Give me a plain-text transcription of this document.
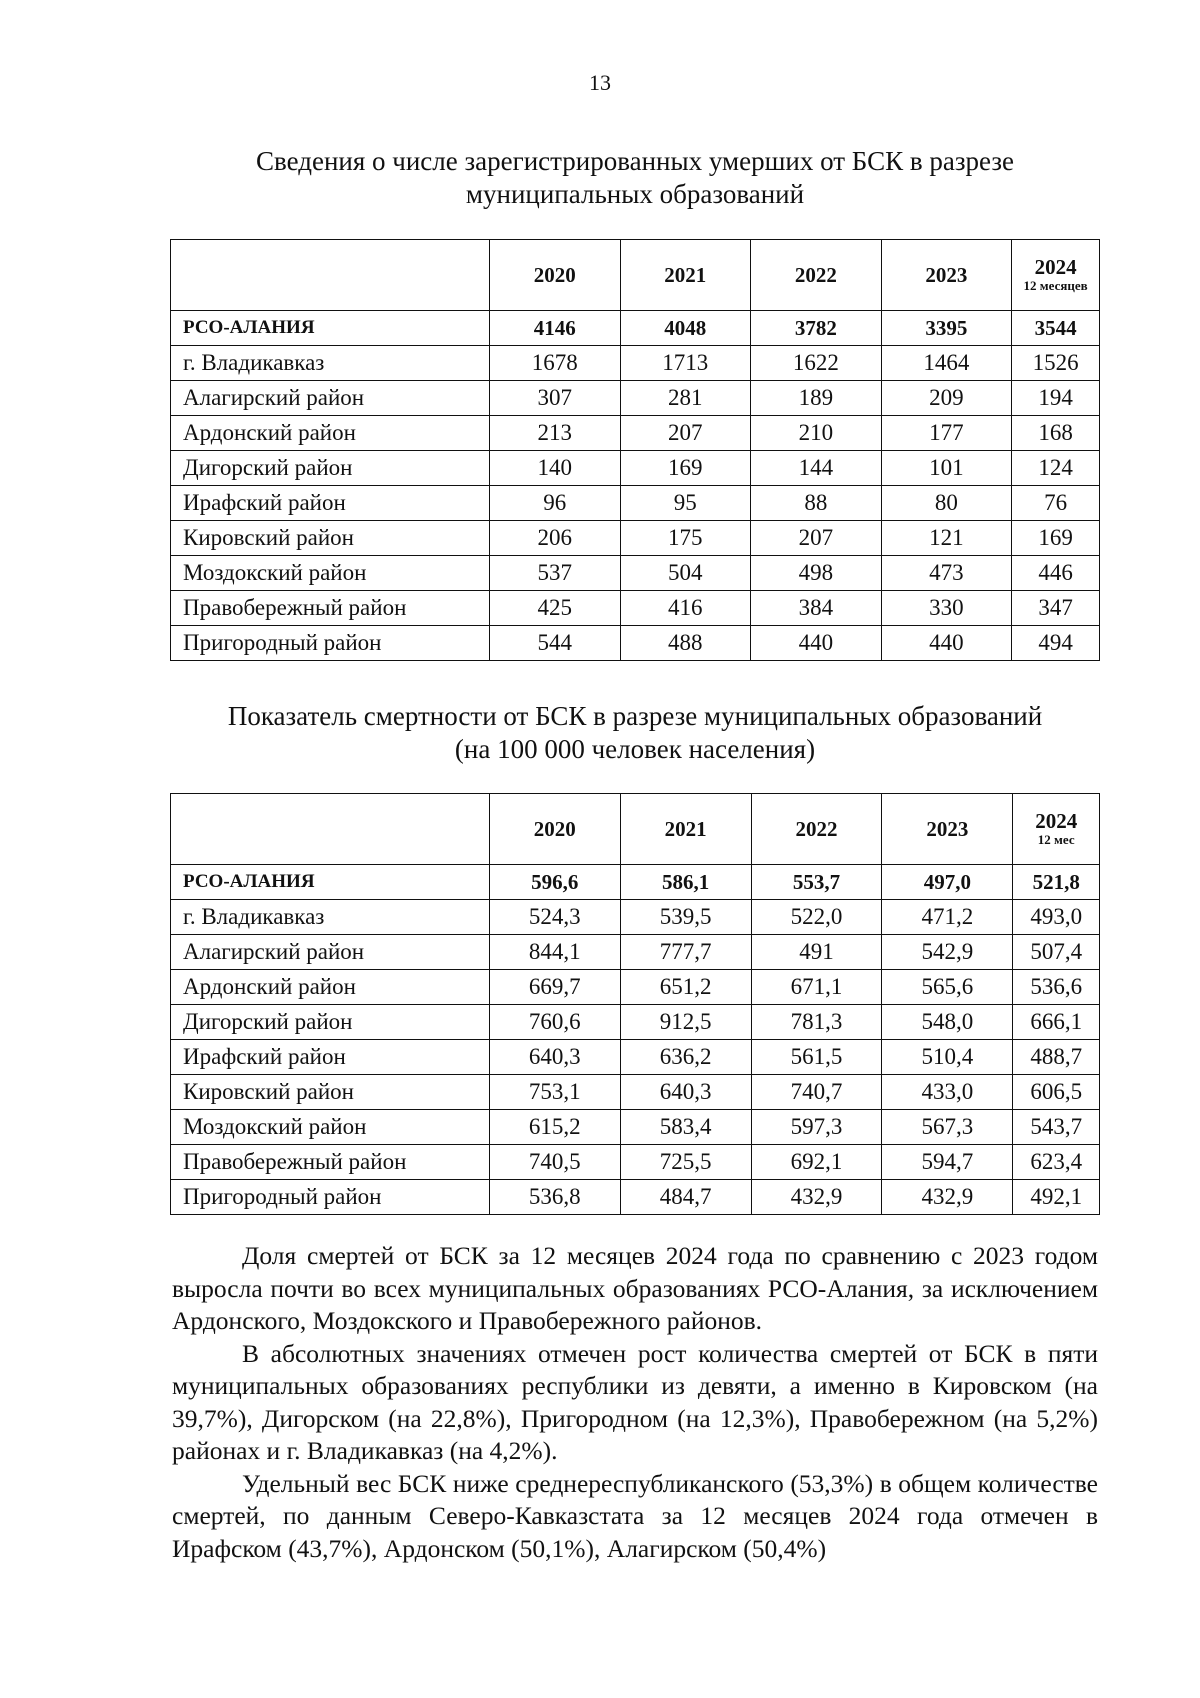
13
Сведения о числе зарегистрированных умерших от БСК в разрезе
муниципальных образований
	2020	2021	2022	2023	2024
12 месяцев

РСО-АЛАНИЯ	4146	4048	3782	3395	3544
г. Владикавказ	1678	1713	1622	1464	1526
Алагирский район	307	281	189	209	194
Ардонский район	213	207	210	177	168
Дигорский район	140	169	144	101	124
Ирафский район	96	95	88	80	76
Кировский район	206	175	207	121	169
Моздокский район	537	504	498	473	446
Правобережный район	425	416	384	330	347
Пригородный район	544	488	440	440	494
Показатель смертности от БСК в разрезе муниципальных образований
(на 100 000 человек населения)
	2020	2021	2022	2023	2024
12 мес

РСО-АЛАНИЯ	596,6	586,1	553,7	497,0	521,8
г. Владикавказ	524,3	539,5	522,0	471,2	493,0
Алагирский район	844,1	777,7	491	542,9	507,4
Ардонский район	669,7	651,2	671,1	565,6	536,6
Дигорский район	760,6	912,5	781,3	548,0	666,1
Ирафский район	640,3	636,2	561,5	510,4	488,7
Кировский район	753,1	640,3	740,7	433,0	606,5
Моздокский район	615,2	583,4	597,3	567,3	543,7
Правобережный район	740,5	725,5	692,1	594,7	623,4
Пригородный район	536,8	484,7	432,9	432,9	492,1

Доля смертей от БСК за 12 месяцев 2024 года по сравнению с 2023 годом выросла почти во всех муниципальных образованиях РСО-Алания, за исключением Ардонского, Моздокского и Правобережного районов.

В абсолютных значениях отмечен рост количества смертей от БСК в пяти муниципальных образованиях республики из девяти, а именно в Кировском (на 39,7%), Дигорском (на 22,8%), Пригородном (на 12,3%), Правобережном (на 5,2%) районах и г. Владикавказ (на 4,2%).

Удельный вес БСК ниже среднереспубликанского (53,3%) в общем количестве смертей, по данным Северо-Кавказстата за 12 месяцев 2024 года отмечен в Ирафском (43,7%), Ардонском (50,1%), Алагирском (50,4%)
